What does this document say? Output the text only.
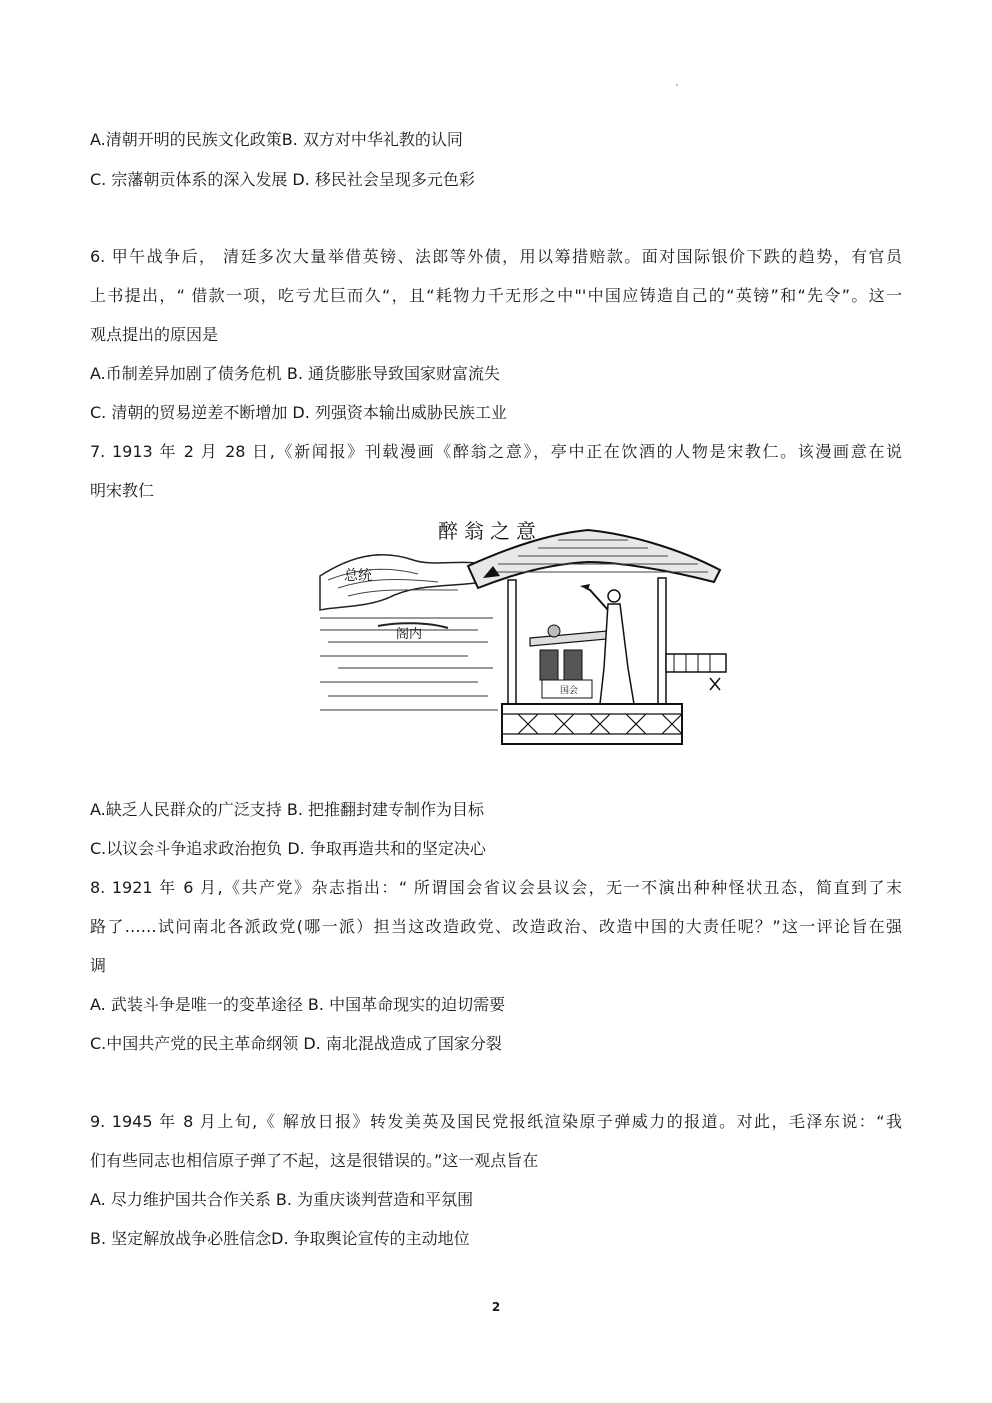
A.清朝开明的民族文化政策B. 双方对中华礼教的认同
C. 宗藩朝贡体系的深入发展 D. 移民社会呈现多元色彩
6. 甲午战争后， 清廷多次大量举借英镑、法郎等外债，用以筹措赔款。面对国际银价下跌的趋势，有官员
上书提出，“ 借款一项，吃亏尤巨而久“，且“耗物力千无形之中"'中国应铸造自己的“英镑”和“先令”。这一
观点提出的原因是
A.币制差异加剧了债务危机 B. 通货膨胀导致国家财富流失
C. 清朝的贸易逆差不断增加 D. 列强资本输出威胁民族工业
7. 1913 年 2 月 28 日,《新闻报》刊载漫画《醉翁之意》，亭中正在饮酒的人物是宋教仁。该漫画意在说
明宋教仁
醉翁之意
总统
阁内
国会
A.缺乏人民群众的广泛支持 B. 把推翻封建专制作为目标
C.以议会斗争追求政治抱负 D. 争取再造共和的坚定决心
8. 1921 年 6 月,《共产党》杂志指出：“ 所谓国会省议会县议会，无一不演出种种怪状丑态，简直到了末
路了……试问南北各派政党(哪一派）担当这改造政党、改造政治、改造中国的大责任呢？”这一评论旨在强
调
A. 武装斗争是唯一的变革途径 B. 中国革命现实的迫切需要
C.中国共产党的民主革命纲领 D. 南北混战造成了国家分裂
9. 1945 年 8 月上旬,《 解放日报》转发美英及国民党报纸渲染原子弹威力的报道。对此，毛泽东说：“我
们有些同志也相信原子弹了不起，这是很错误的。”这一观点旨在
A. 尽力维护国共合作关系 B. 为重庆谈判营造和平氛围
B. 坚定解放战争必胜信念D. 争取舆论宣传的主动地位
2
